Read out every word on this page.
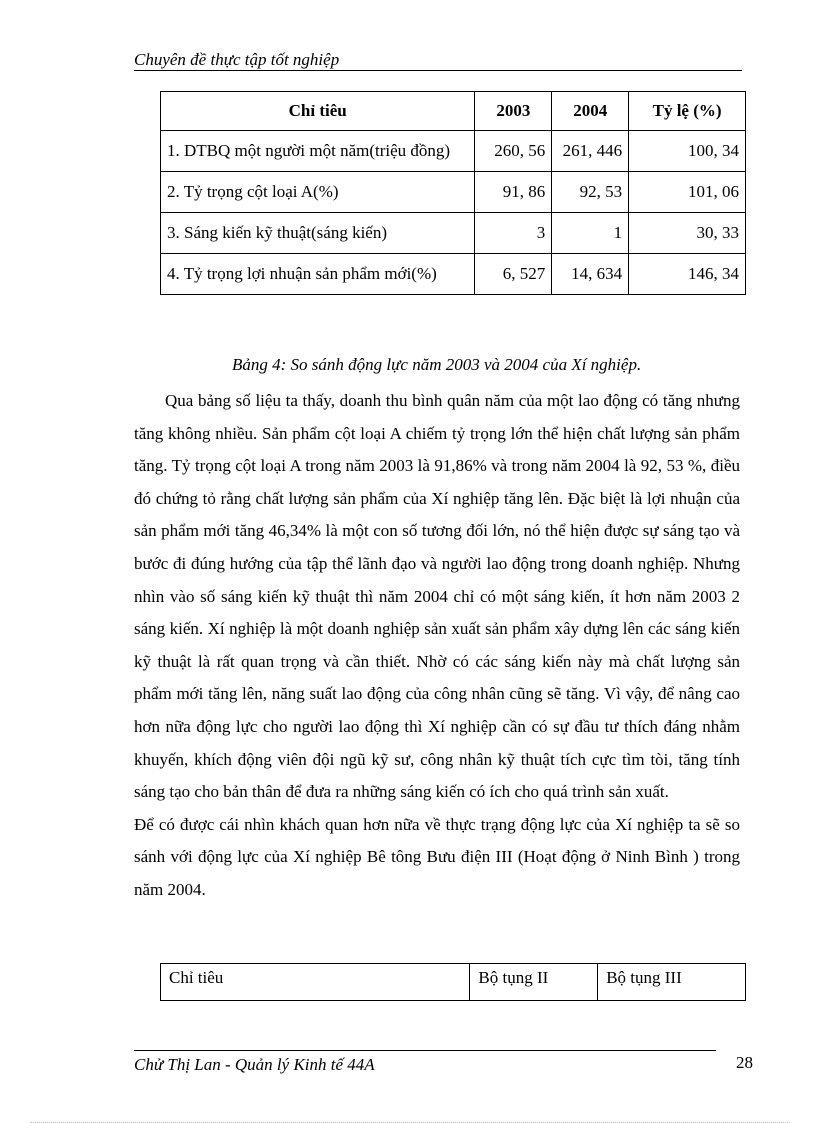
Chuyên đề thực tập tốt nghiệp
Chỉ tiêu	2003	2004	Tỷ lệ (%)
1. DTBQ một người một năm(triệu đồng)	260, 56	261, 446	100, 34
2. Tỷ trọng cột loại A(%)	91, 86	92, 53	101, 06
3. Sáng kiến kỹ thuật(sáng kiến)	3	1	30, 33
4. Tỷ trọng lợi nhuận sản phẩm mới(%)	6, 527	14, 634	146, 34
Bảng 4: So sánh động lực năm 2003 và 2004 của Xí nghiệp.

Qua bảng số liệu ta thấy, doanh thu bình quân năm của một lao động có tăng nhưng tăng không nhiều. Sản phẩm cột loại A chiếm tỷ trọng lớn thể hiện chất lượng sản phẩm tăng. Tỷ trọng cột loại A trong năm 2003 là 91,86% và trong năm 2004 là 92, 53 %, điều đó chứng tỏ rằng chất lượng sản phẩm của Xí nghiệp tăng lên. Đặc biệt là lợi nhuận của sản phẩm mới tăng 46,34% là một con số tương đối lớn, nó thể hiện được sự sáng tạo và bước đi đúng hướng của tập thể lãnh đạo và người lao động trong doanh nghiệp. Nhưng nhìn vào số sáng kiến kỹ thuật thì năm 2004 chỉ có một sáng kiến, ít hơn năm 2003 2 sáng kiến. Xí nghiệp là một doanh nghiệp sản xuất sản phẩm xây dựng lên các sáng kiến kỹ thuật là rất quan trọng và cần thiết. Nhờ có các sáng kiến này mà chất lượng sản phẩm mới tăng lên, năng suất lao động của công nhân cũng sẽ tăng. Vì vậy, để nâng cao hơn nữa động lực cho người lao động thì Xí nghiệp cần có sự đầu tư thích đáng nhằm khuyến, khích động viên đội ngũ kỹ sư, công nhân kỹ thuật tích cực tìm tòi, tăng tính sáng tạo cho bản thân để đưa ra những sáng kiến có ích cho quá trình sản xuất.

Để có được cái nhìn khách quan hơn nữa về thực trạng động lực của Xí nghiệp ta sẽ so sánh với động lực của Xí nghiệp Bê tông Bưu điện III (Hoạt động ở Ninh Bình ) trong năm 2004.

Chỉ tiêu	Bộ tụng II	Bộ tụng III
Chử Thị Lan - Quản lý Kinh tế 44A	28
